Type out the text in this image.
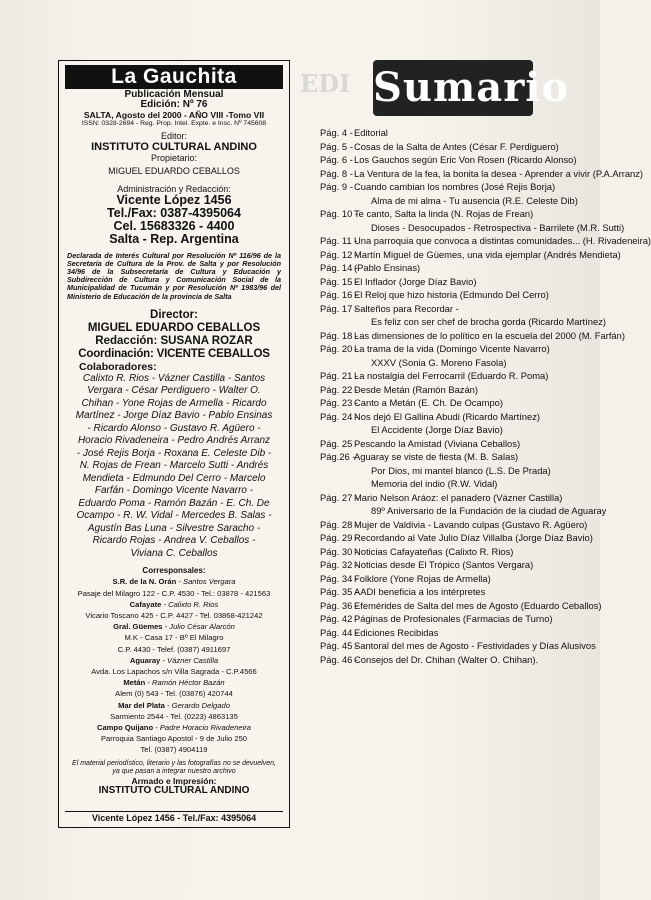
La Gauchita
Publicación Mensual
Edición: Nº 76
SALTA, Agosto del 2000 - AÑO VIII -Tomo VII
ISSN: 0328-2694 - Reg. Prop. Intel. Expte. e Insc. Nº 745608
Editor:
INSTITUTO CULTURAL ANDINO
Propietario:
MIGUEL EDUARDO CEBALLOS
Administración y Redacción:
Vicente López 1456
Tel./Fax: 0387-4395064
Cel. 15683326 - 4400
Salta - Rep. Argentina
Declarada de Interés Cultural por Resolución Nº 116/96 de la Secretaría de Cultura de la Prov. de Salta y por Resolución 34/96 de la Subsecretaría de Cultura y Educación y Subdirección de Cultura y Comunicación Social de la Municipalidad de Tucumán y por Resolución Nº 1983/96 del Ministerio de Educación de la provincia de Salta
Director:
MIGUEL EDUARDO CEBALLOS
Redacción: SUSANA ROZAR
Coordinación: VICENTE CEBALLOS
Colaboradores:
Calixto R. Rios - Vázner Castilla - Santos
Vergara - César Perdiguero - Walter O.
Chihan - Yone Rojas de Armella - Ricardo
Martínez - Jorge Díaz Bavio - Pablo Ensinas
- Ricardo Alonso - Gustavo R. Agüero -
Horacio Rivadeneira - Pedro Andrés Arranz
- José Rejis Borja - Roxana E. Celeste Dib -
N. Rojas de Frean - Marcelo Sutti - Andrés
Mendieta - Edmundo Del Cerro - Marcelo
Farfán - Domingo Vicente Navarro -
Eduardo Poma - Ramón Bazán - E. Ch. De
Ocampo - R. W. Vidal - Mercedes B. Salas -
Agustín Bas Luna - Silvestre Saracho -
Ricardo Rojas - Andrea V. Ceballos -
Viviana C. Ceballos
Corresponsales:
S.R. de la N. Orán - Santos Vergara
Pasaje del Milagro 122 - C.P. 4530 - Tel.: 03878 - 421563
Cafayate - Calixto R. Rios
Vicario Toscano 425 - C.P. 4427 - Tel. 03868-421242
Gral. Güemes - Julio César Alarcón
M.K - Casa 17 - Bº El Milagro
C.P. 4430 - Telef. (0387) 4911697
Aguaray - Vázner Castilla
Avda. Los Lapachos s/n Villa Sagrada - C.P.4566
Metán - Ramón Héctor Bazán
Alem (0) 543 - Tel. (03876) 420744
Mar del Plata - Gerardo Delgado
Sarmiento 2544 - Tel. (0223) 4863135
Campo Quijano - Padre Horacio Rivadeneira
Parroquia Santiago Apostol - 9 de Julio 250
Tel. (0387) 4904119
El material periodístico, literario y las fotografías no se devuelven, ya que pasan a integrar nuestro archivo
Armado e Impresión:
INSTITUTO CULTURAL ANDINO
Vicente López 1456 - Tel./Fax: 4395064
EDI Sumario
Pág. 4 -Editorial
Pág. 5 -Cosas de la Salta de Antes (César F. Perdiguero)
Pág. 6 -Los Gauchos según Eric Von Rosen (Ricardo Alonso)
Pág. 8 -La Ventura de la fea, la bonita la desea - Aprender a vivir (P.A.Arranz)
Pág. 9 -Cuando cambian los nombres (José Rejis Borja)
Alma de mi alma - Tu ausencia (R.E. Celeste Dib)
Pág. 10 -Te canto, Salta la linda (N. Rojas de Frean)
Dioses - Desocupados - Retrospectiva - Barrilete (M.R. Sutti)
Pág. 11 -Una parroquia que convoca a distintas comunidades... (H. Rivadeneira)
Pág. 12 -Martín Miguel de Güemes, una vida ejemplar (Andrés Mendieta)
Pág. 14 -(Pablo Ensinas)
Pág. 15 -El Inflador (Jorge Díaz Bavio)
Pág. 16 -El Reloj que hizo historia (Edmundo Del Cerro)
Pág. 17 -Salteños para Recordar -
Es feliz con ser chef de brocha gorda (Ricardo Martínez)
Pág. 18 -Las dimensiones de lo político en la escuela del 2000 (M. Farfán)
Pág. 20 -La trama de la vida (Domingo Vicente Navarro)
XXXV (Sonia G. Moreno Fasola)
Pág. 21 -La nostalgia del Ferrocarril (Eduardo R. Poma)
Pág. 22 -Desde Metán (Ramón Bazán)
Pág. 23 -Canto a Metán (E. Ch. De Ocampo)
Pág. 24 -Nos dejó El Gallina Abudi (Ricardo Martínez)
El Accidente (Jorge Díaz Bavio)
Pág. 25 -Pescando la Amistad (Viviana Ceballos)
Pág.26 -Aguaray se viste de fiesta (M. B. Salas)
Por Dios, mi mantel blanco (L.S. De Prada)
Memoria del indio (R.W. Vidal)
Pág. 27 -Mario Nelson Aráoz: el panadero (Vázner Castilla)
89º Aniversario de la Fundación de la ciudad de Aguaray
Pág. 28 -Mujer de Valdivia - Lavando culpas (Gustavo R. Agüero)
Pág. 29 -Recordando al Vate Julio Díaz Villalba (Jorge Díaz Bavio)
Pág. 30 -Noticias Cafayateñas (Calixto R. Rios)
Pág. 32 -Noticias desde El Trópico (Santos Vergara)
Pág. 34 -Folklore (Yone Rojas de Armella)
Pág. 35 -AADI beneficia a los intérpretes
Pág. 36 -Efemérides de Salta del mes de Agosto (Eduardo Ceballos)
Pág. 42 -Páginas de Profesionales (Farmacias de Turno)
Pág. 44 -Ediciones Recibidas
Pág. 45 -Santoral del mes de Agosto - Festividades y Días Alusivos
Pág. 46 -Consejos del Dr. Chihan (Walter O. Chihan).
